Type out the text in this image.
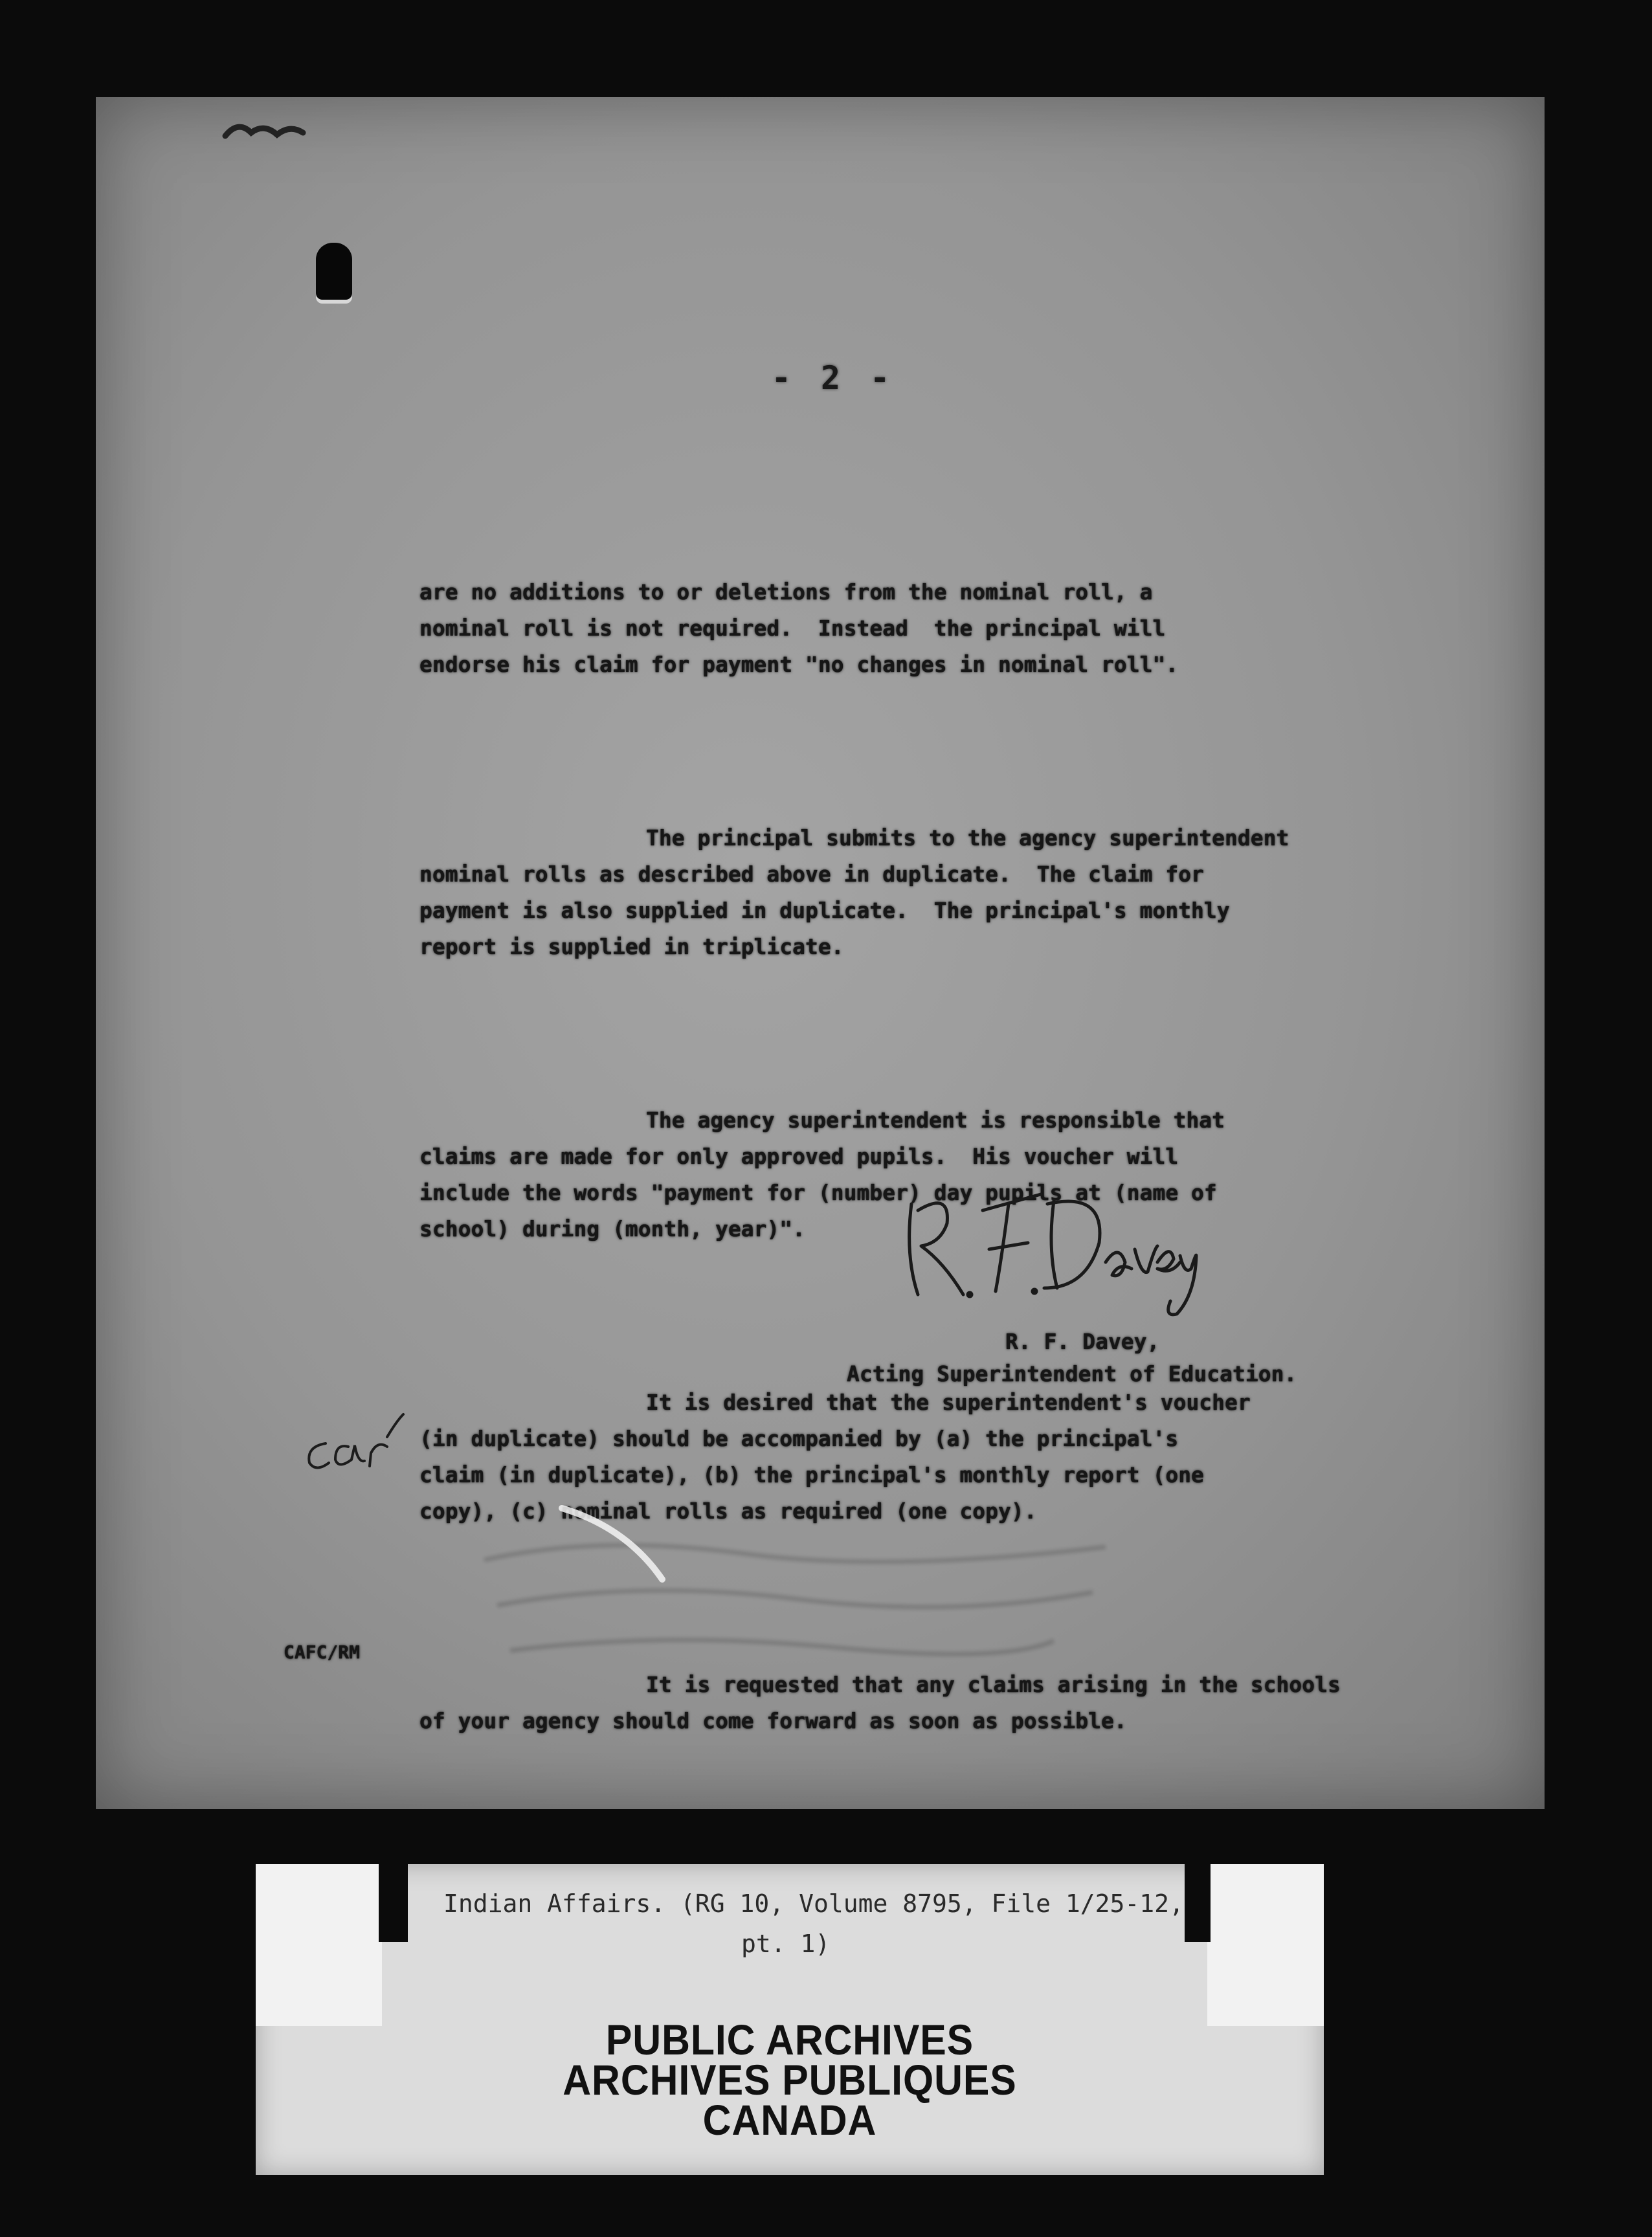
- 2 -

are no additions to or deletions from the nominal roll, a
nominal roll is not required.  Instead  the principal will
endorse his claim for payment "no changes in nominal roll".

The principal submits to the agency superintendent
nominal rolls as described above in duplicate.  The claim for
payment is also supplied in duplicate.  The principal's monthly
report is supplied in triplicate.

The agency superintendent is responsible that
claims are made for only approved pupils.  His voucher will
include the words "payment for (number) day pupils at (name of
school) during (month, year)".

It is desired that the superintendent's voucher
(in duplicate) should be accompanied by (a) the principal's
claim (in duplicate), (b) the principal's monthly report (one
copy), (c) nominal rolls as required (one copy).

It is requested that any claims arising in the schools
of your agency should come forward as soon as possible.

R. F. Davey,
Acting Superintendent of Education.
CAFC/RM
Indian Affairs. (RG 10, Volume 8795, File 1/25-12,
pt. 1)
PUBLIC ARCHIVES
ARCHIVES PUBLIQUES
CANADA
